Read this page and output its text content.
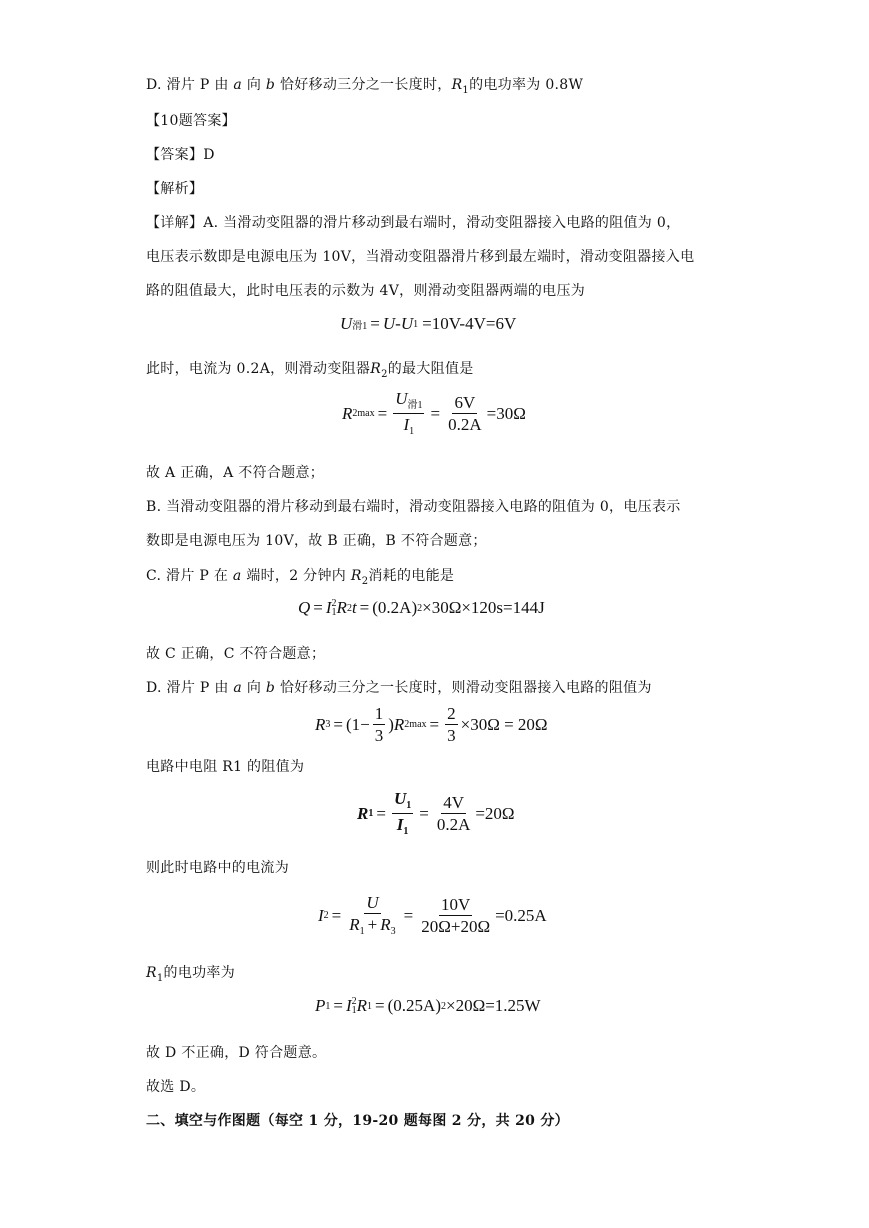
D. 滑片 P 由 a 向 b 恰好移动三分之一长度时，$R_1$的电功率为 0.8W
【10题答案】
【答案】D
【解析】
【详解】A. 当滑动变阻器的滑片移动到最右端时，滑动变阻器接入电路的阻值为 0，
电压表示数即是电源电压为 10V，当滑动变阻器滑片移到最左端时，滑动变阻器接入电
路的阻值最大，此时电压表的示数为 4V，则滑动变阻器两端的电压为
U 滑1 = U - U 1 =10V-4V=6V
此时，电流为 0.2A，则滑动变阻器$R_2$的最大阻值是
R $2\max = \frac{U_{滑1}}{I_1} = \frac{6V}{0.2A} =30\Omega$
故 A 正确，A 不符合题意；
B. 当滑动变阻器的滑片移动到最右端时，滑动变阻器接入电路的阻值为 0，电压表示
数即是电源电压为 10V，故 B 正确，B 不符合题意；
C. 滑片 P 在 a 端时，2 分钟内 $R_2$消耗的电能是
Q = I 2
1 R 2 t = (0.2A) 2 ×30Ω×120s=144J
故 C 正确，C 不符合题意；
D. 滑片 P 由 a 向 b 恰好移动三分之一长度时，则滑动变阻器接入电路的阻值为
R $3 = (1- \frac{1}{3}$ ) R $2\max = \frac{2}{3} \times 30\Omega = 20\Omega$
电路中电阻 R1 的阻值为
R $1 = \frac{U_1}{I_1} = \frac{4V}{0.2A} =20\Omega$
则此时电路中的电流为
I $2 = \frac{U}{R_1 + R_3} = \frac{10V}{20\Omega+20\Omega} =0.25A$
$R_1$的电功率为
P 1 = I 2
1 R 1 = (0.25A) 2 ×20Ω=1.25W
故 D 不正确，D 符合题意。
故选 D。
二、填空与作图题（每空 1 分，19-20 题每图 2 分，共 20 分）
